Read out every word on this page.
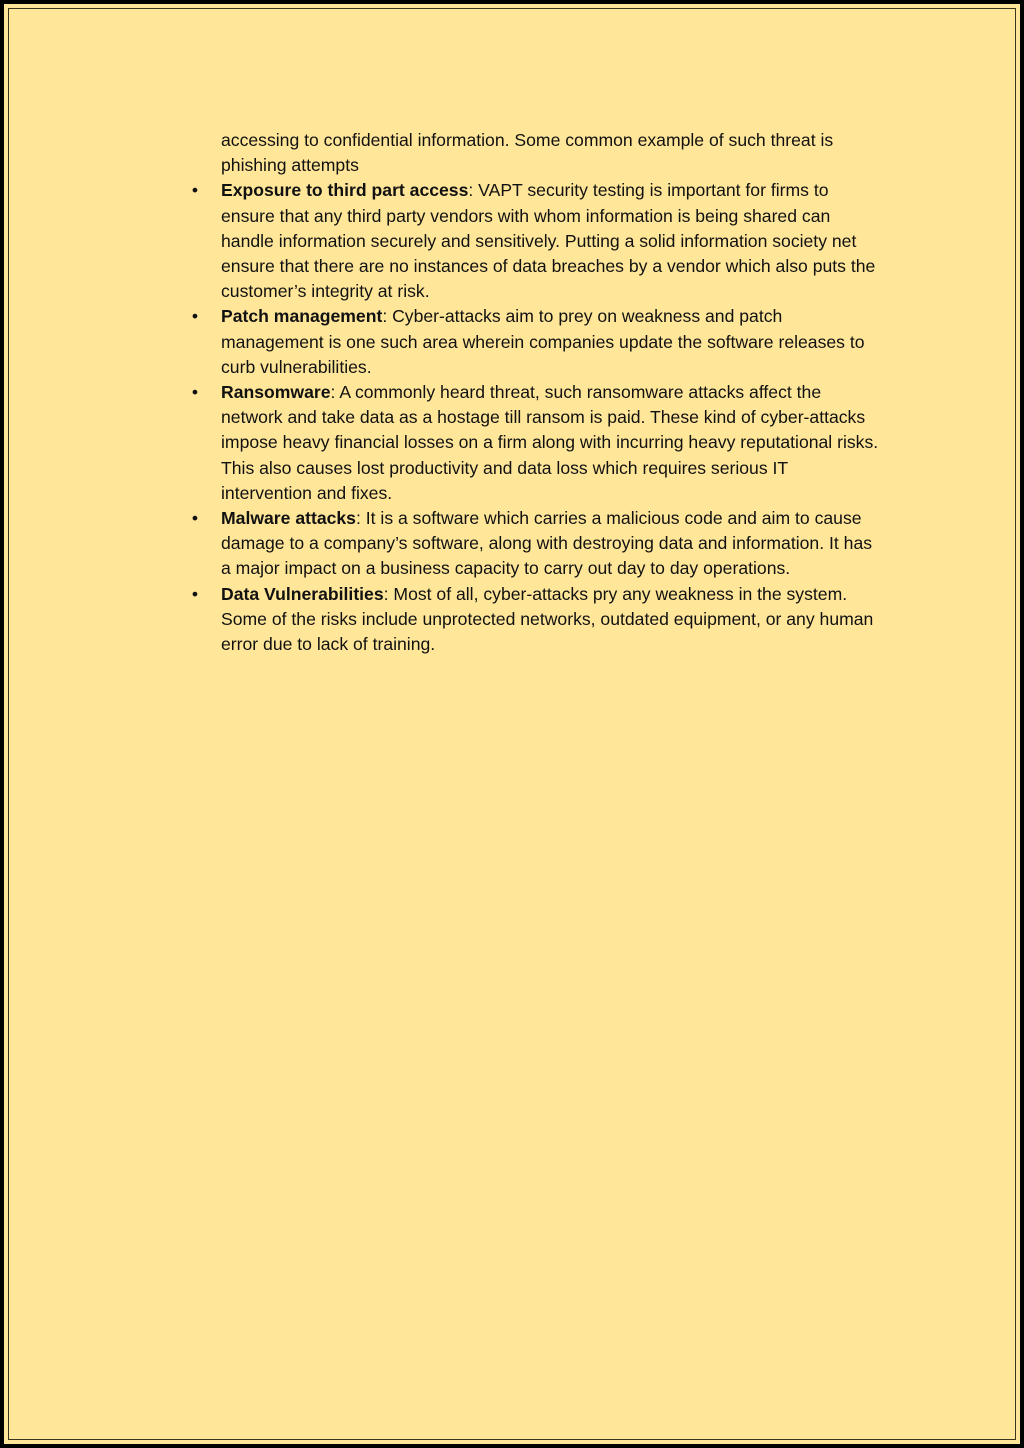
accessing to confidential information. Some common example of such threat is phishing attempts

• Exposure to third part access: VAPT security testing is important for firms to ensure that any third party vendors with whom information is being shared can handle information securely and sensitively. Putting a solid information society net ensure that there are no instances of data breaches by a vendor which also puts the customer’s integrity at risk.
• Patch management: Cyber-attacks aim to prey on weakness and patch management is one such area wherein companies update the software releases to curb vulnerabilities.
• Ransomware: A commonly heard threat, such ransomware attacks affect the network and take data as a hostage till ransom is paid. These kind of cyber-attacks impose heavy financial losses on a firm along with incurring heavy reputational risks. This also causes lost productivity and data loss which requires serious IT intervention and fixes.
• Malware attacks: It is a software which carries a malicious code and aim to cause damage to a company’s software, along with destroying data and information. It has a major impact on a business capacity to carry out day to day operations.
• Data Vulnerabilities: Most of all, cyber-attacks pry any weakness in the system. Some of the risks include unprotected networks, outdated equipment, or any human error due to lack of training.
